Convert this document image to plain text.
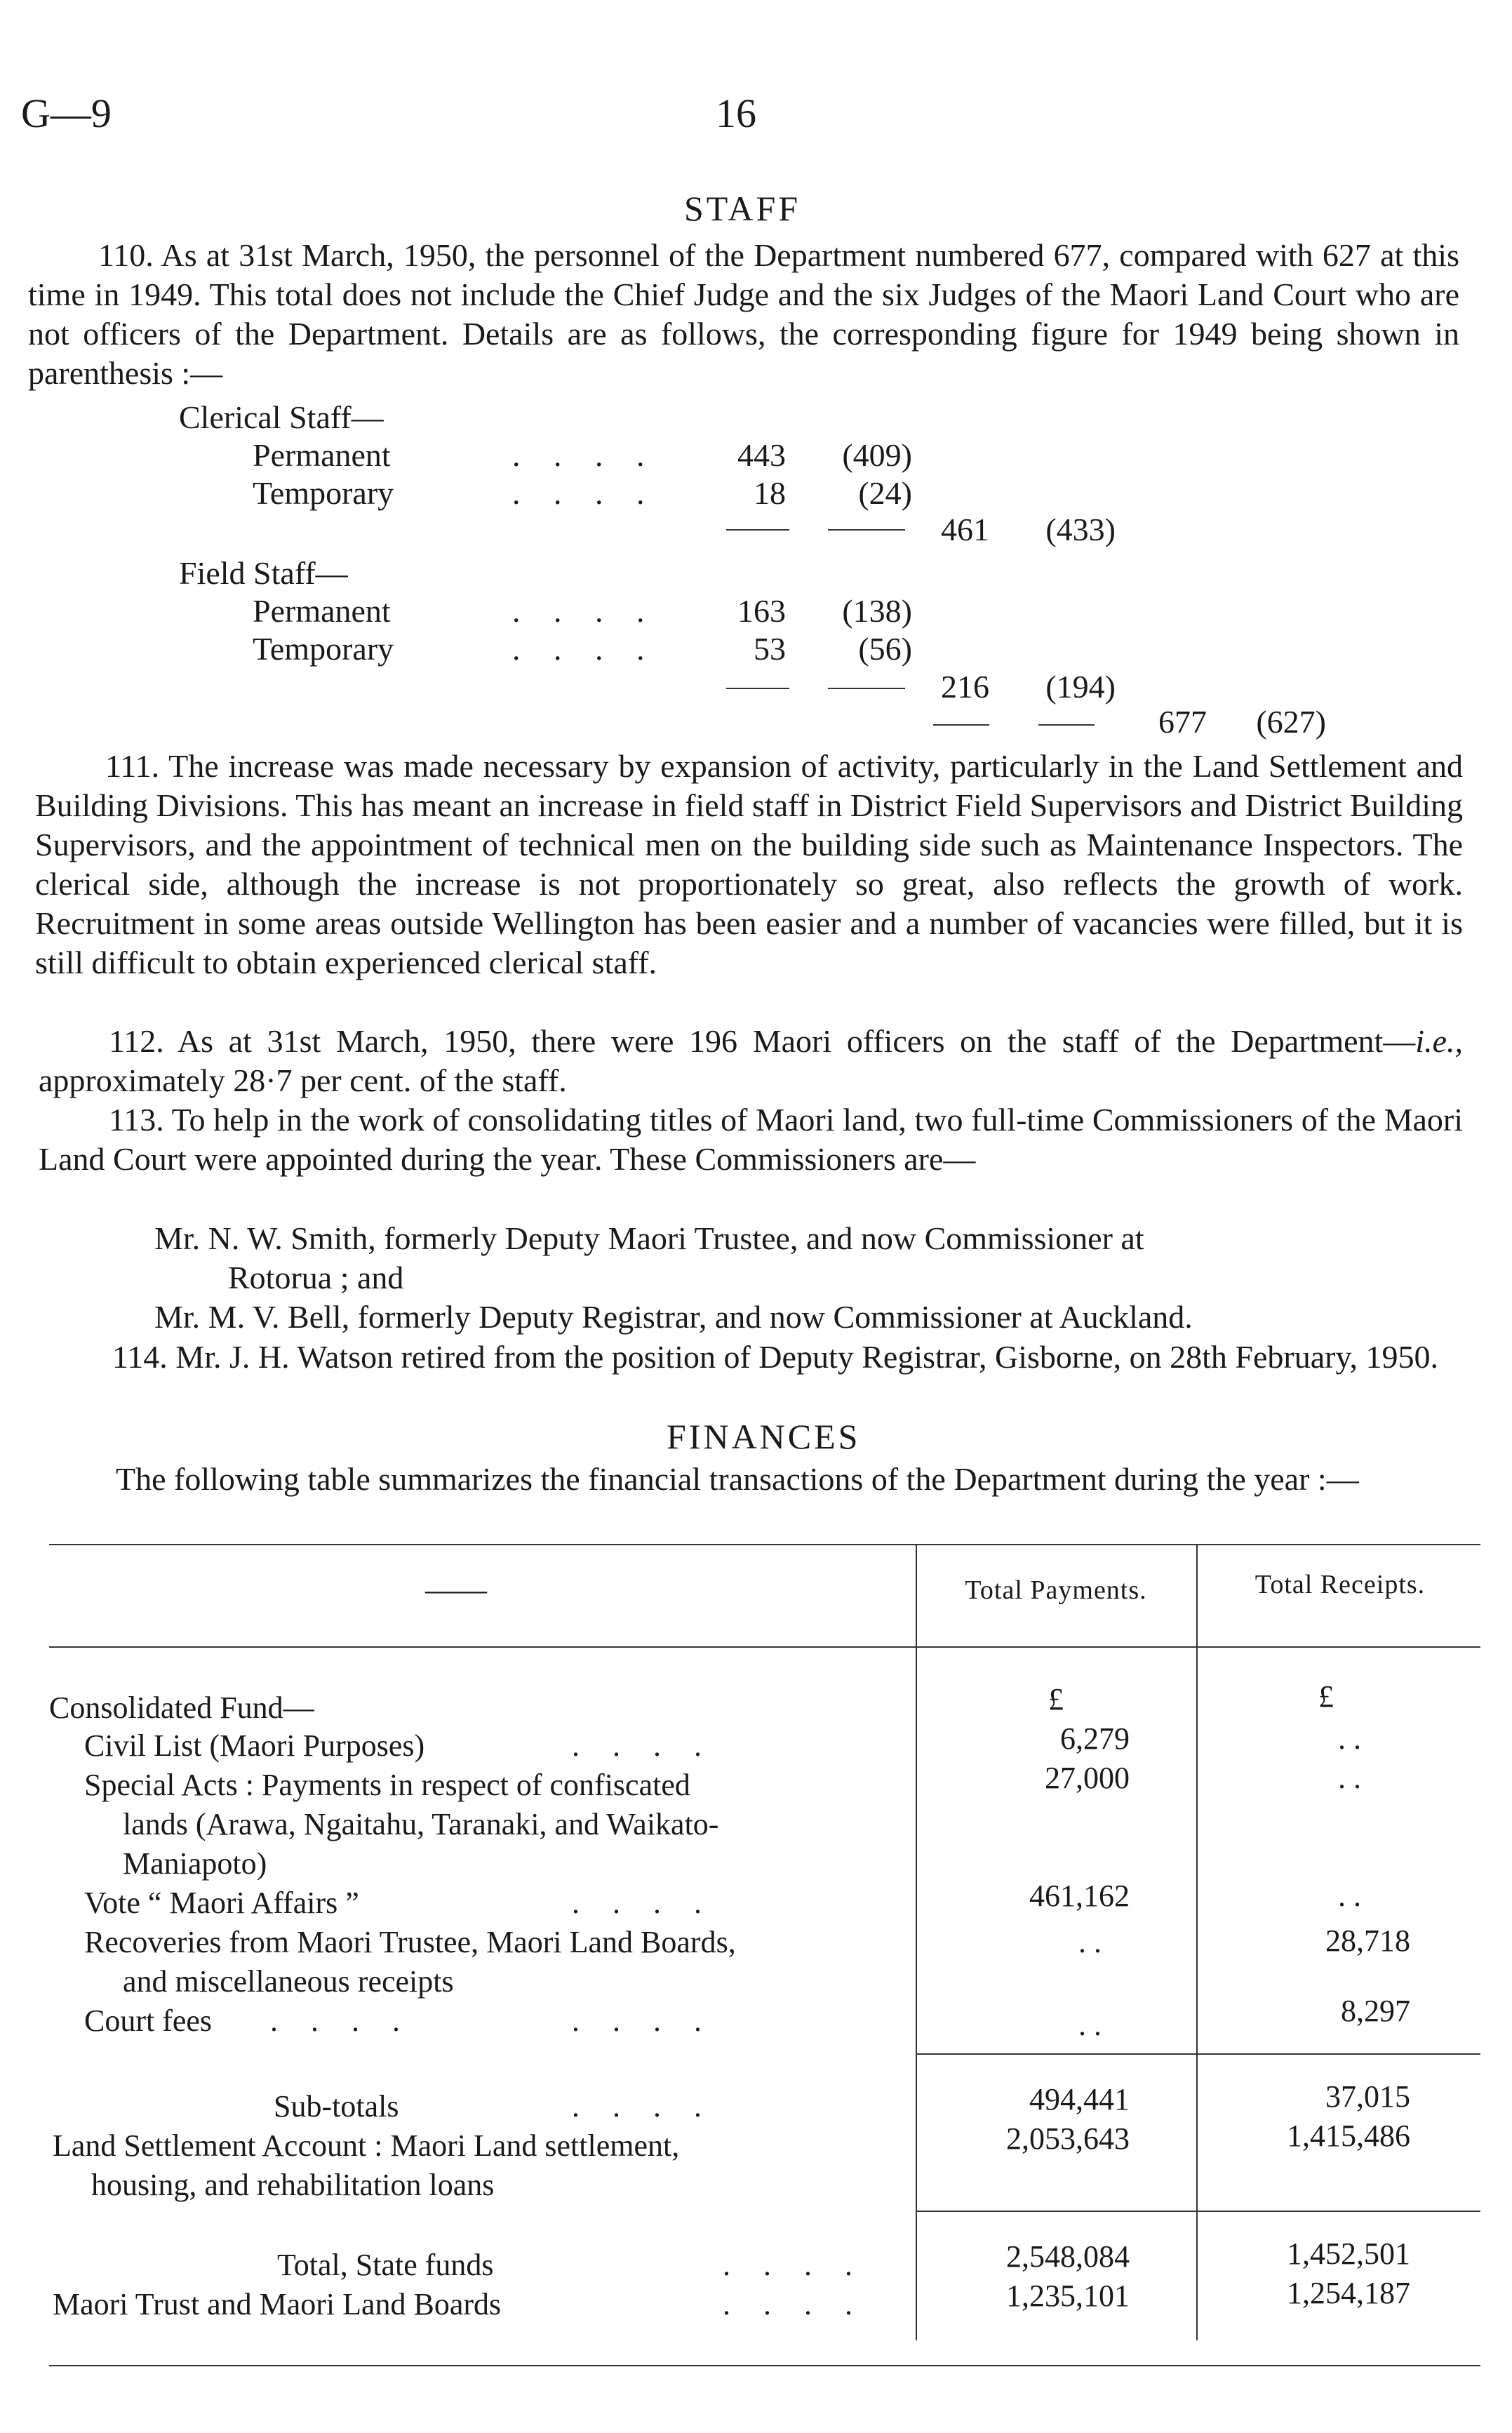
G—9	16
STAFF

110. As at 31st March, 1950, the personnel of the Department numbered 677, compared with 627 at this time in 1949. This total does not include the Chief Judge and the six Judges of the Maori Land Court who are not officers of the Department. Details are as follows, the corresponding figure for 1949 being shown in parenthesis :—

Clerical Staff—
Permanent	. . . .	443	(409)
Temporary	. . . .	18	(24)
461	(433)
Field Staff—
Permanent	. . . .	163	(138)
Temporary	. . . .	53	(56)
216	(194)
677	(627)

111. The increase was made necessary by expansion of activity, particularly in the Land Settlement and Building Divisions. This has meant an increase in field staff in District Field Supervisors and District Building Supervisors, and the appointment of technical men on the building side such as Maintenance Inspectors. The clerical side, although the increase is not proportionately so great, also reflects the growth of work. Recruitment in some areas outside Wellington has been easier and a number of vacancies were filled, but it is still difficult to obtain experienced clerical staff.

112. As at 31st March, 1950, there were 196 Maori officers on the staff of the Department—i.e., approximately 28·7 per cent. of the staff.

113. To help in the work of consolidating titles of Maori land, two full-time Commissioners of the Maori Land Court were appointed during the year. These Commissioners are—

Mr. N. W. Smith, formerly Deputy Maori Trustee, and now Commissioner at
Rotorua ; and
Mr. M. V. Bell, formerly Deputy Registrar, and now Commissioner at Auckland.

114. Mr. J. H. Watson retired from the position of Deputy Registrar, Gisborne, on 28th February, 1950.

FINANCES

The following table summarizes the financial transactions of the Department during the year :—

——	Total Payments.	Total Receipts.
Consolidated Fund—	£	£
Civil List (Maori Purposes)	. . . .	6,279	. .
Special Acts : Payments in respect of confiscated
lands (Arawa, Ngaitahu, Taranaki, and Waikato-
Maniapoto)
27,000	. .
Vote “ Maori Affairs ”	. . . .	461,162	. .
Recoveries from Maori Trustee, Maori Land Boards,
and miscellaneous receipts
. .	28,718
Court fees . . . .	. . . .	. .	8,297
Sub-totals	. . . .	494,441	37,015
Land Settlement Account : Maori Land settlement,
housing, and rehabilitation loans
2,053,643	1,415,486
Total, State funds	. . . .	2,548,084	1,452,501
Maori Trust and Maori Land Boards	. . . .	1,235,101	1,254,187
